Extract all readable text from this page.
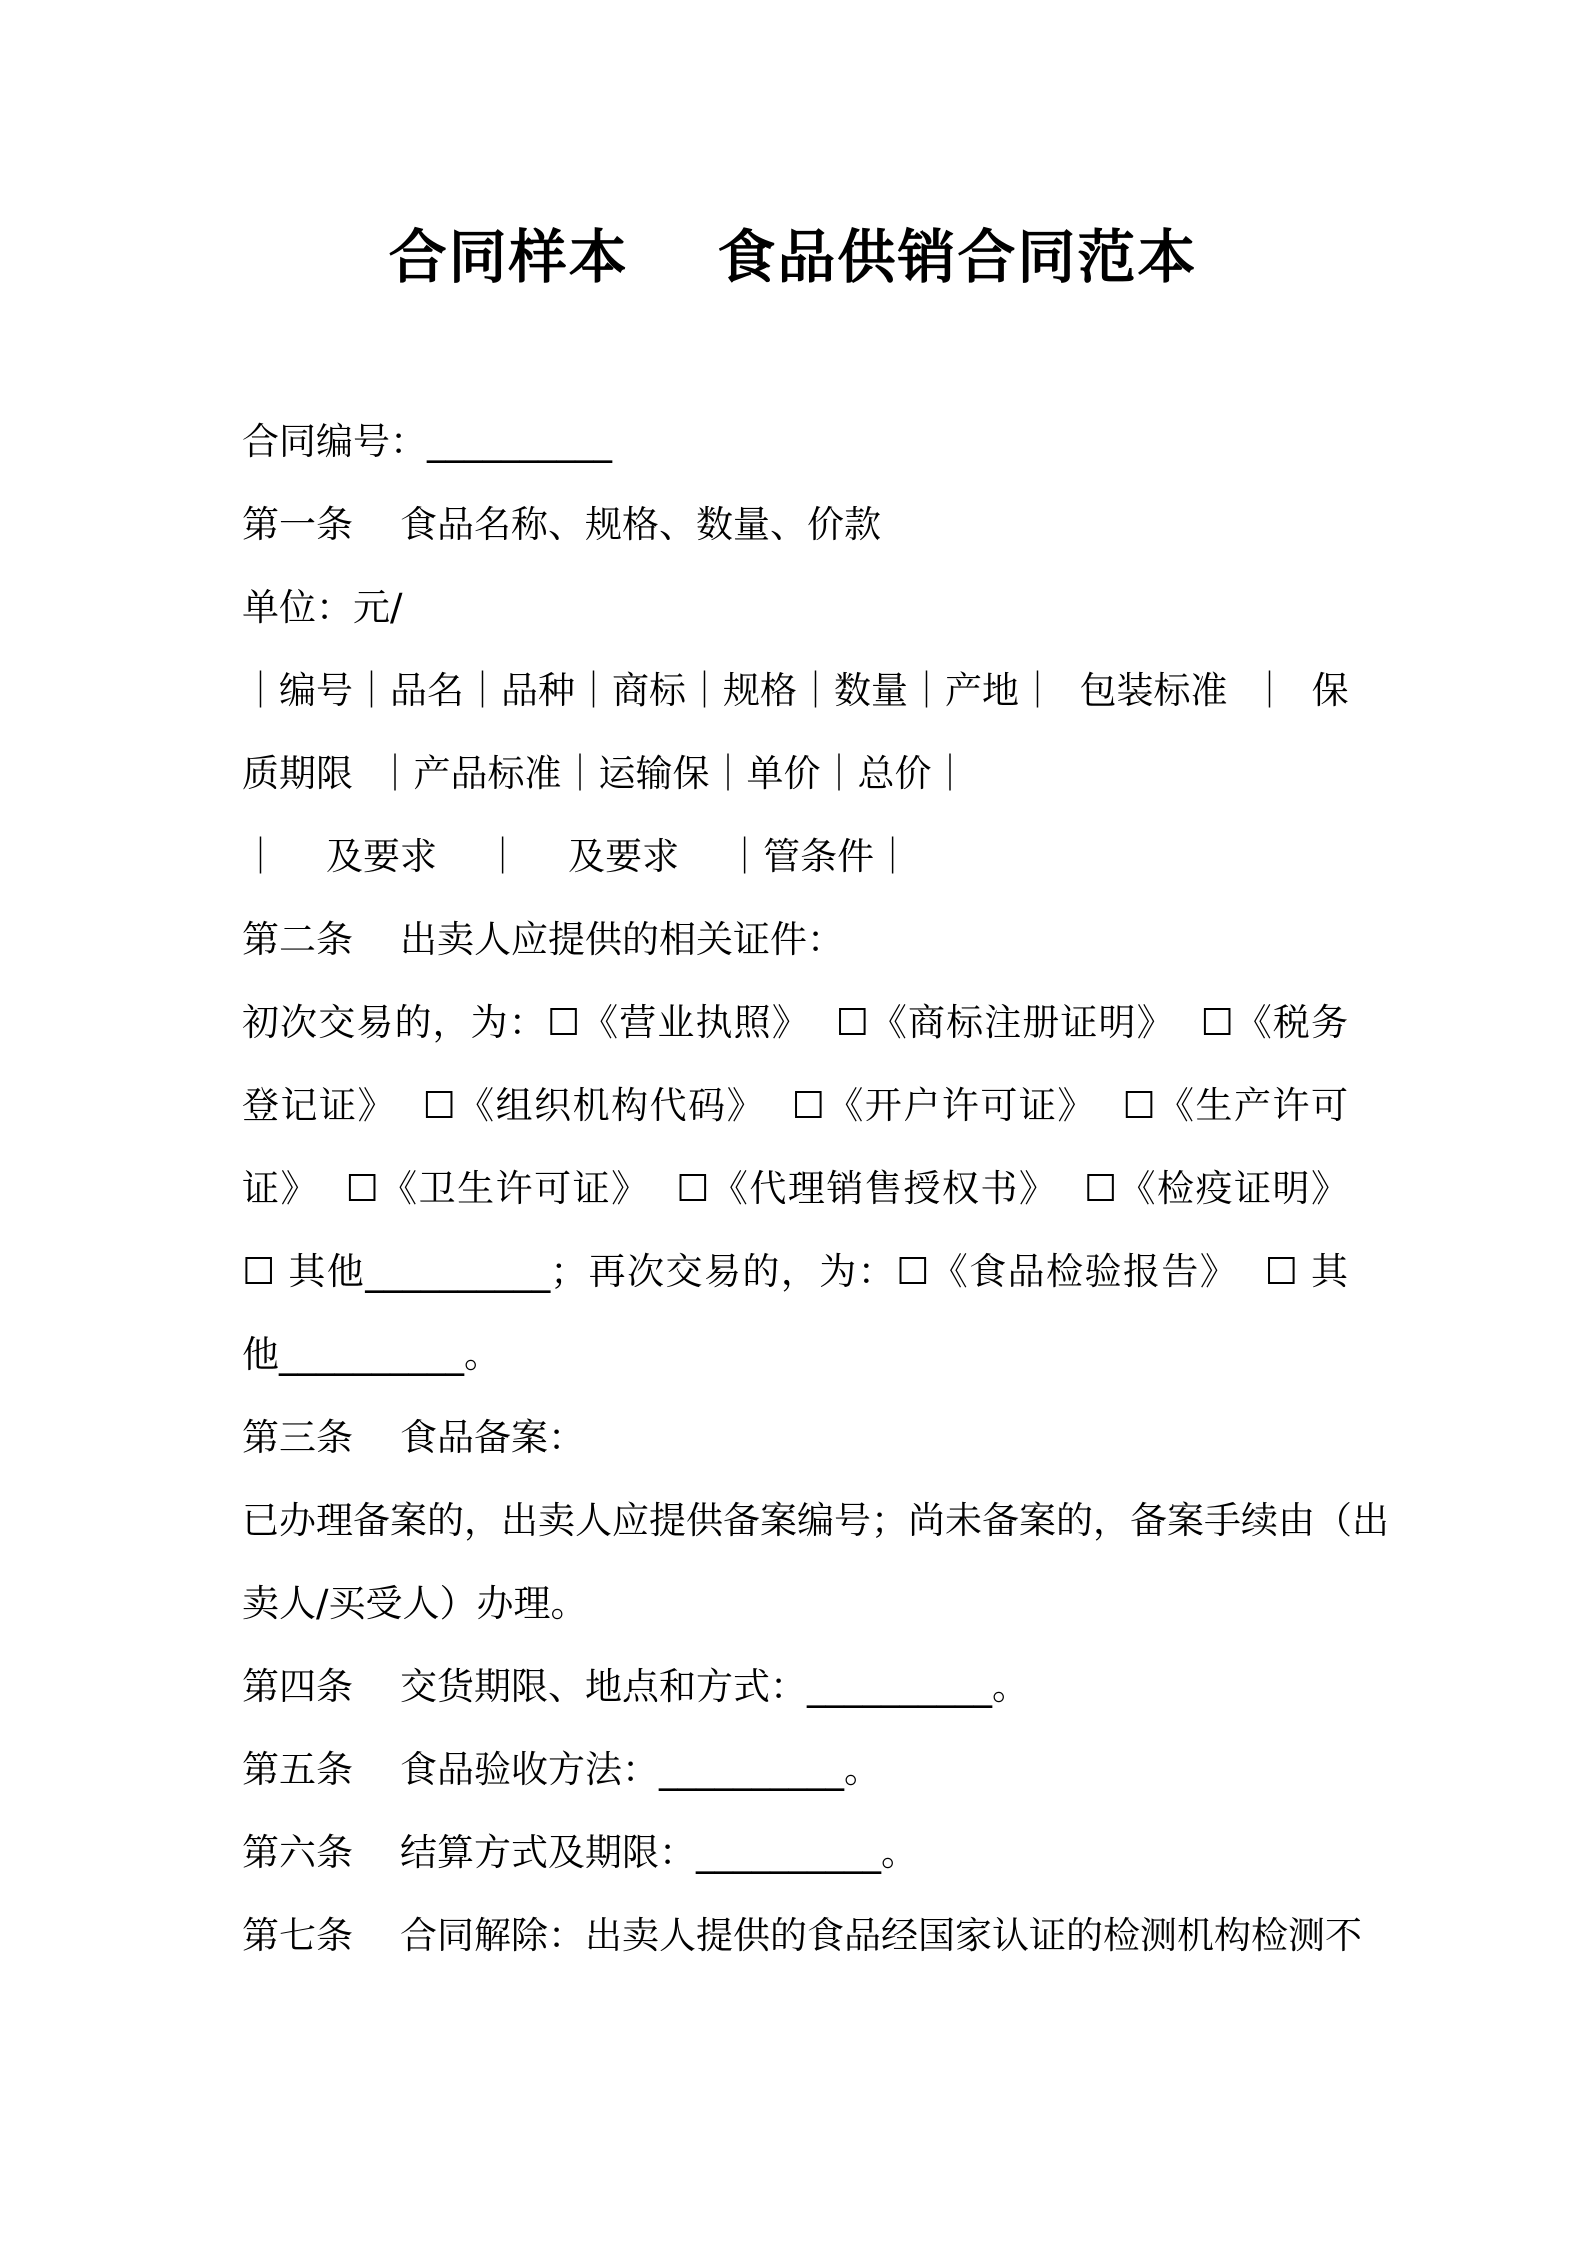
合同样本    食品供销合同范本
合同编号：__________
第一条    食品名称、规格、数量、价款
单位：元/
｜编号｜品名｜品种｜商标｜规格｜数量｜产地｜  包装标准  ｜  保
质期限  ｜产品标准｜运输保｜单价｜总价｜
｜    及要求    ｜    及要求    ｜管条件｜
第二条    出卖人应提供的相关证件：
初次交易的，为：☐《营业执照》  ☐《商标注册证明》  ☐《税务
登记证》  ☐《组织机构代码》  ☐《开户许可证》  ☐《生产许可
证》  ☐《卫生许可证》  ☐《代理销售授权书》  ☐《检疫证明》
☐ 其他__________；再次交易的，为：☐《食品检验报告》  ☐ 其
他__________。
第三条    食品备案：
已办理备案的，出卖人应提供备案编号；尚未备案的，备案手续由（出
卖人/买受人）办理。
第四条    交货期限、地点和方式：__________。
第五条    食品验收方法：__________。
第六条    结算方式及期限：__________。
第七条    合同解除：出卖人提供的食品经国家认证的检测机构检测不
